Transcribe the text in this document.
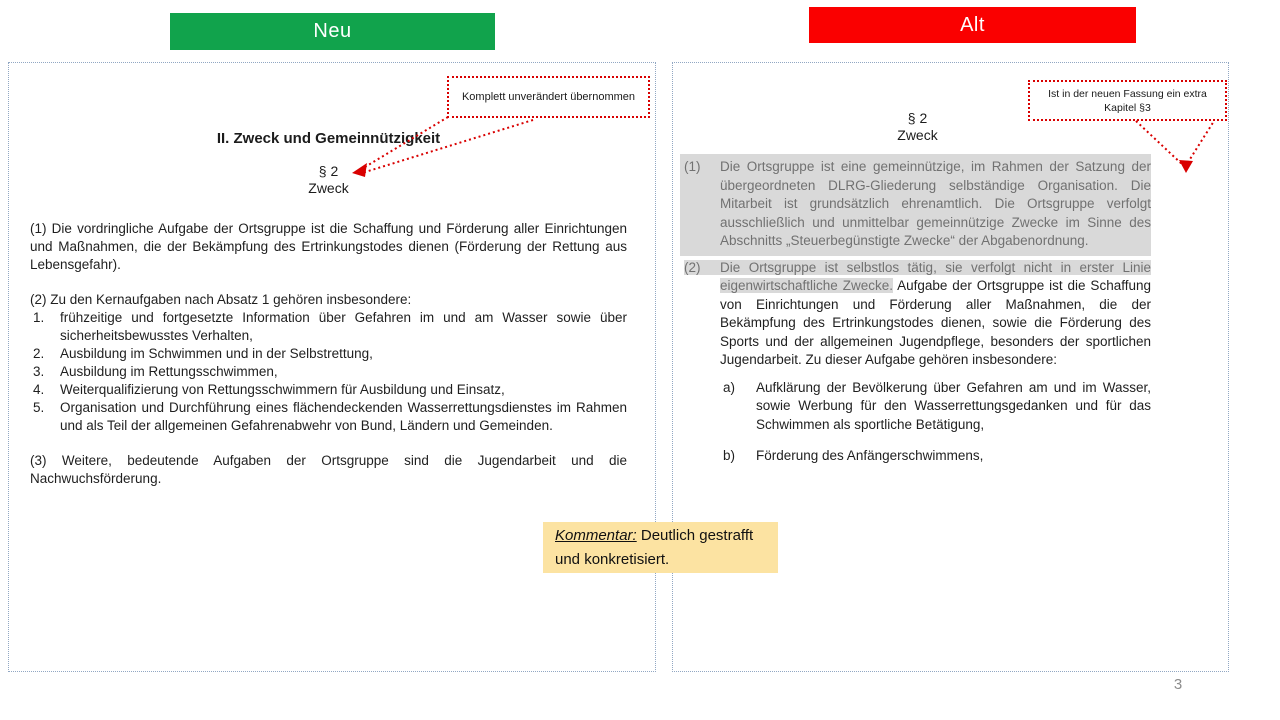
Neu	Alt
II. Zweck und Gemeinnützigkeit
§ 2
Zweck

(1) Die vordringliche Aufgabe der Ortsgruppe ist die Schaffung und Förderung aller Einrichtungen und Maßnahmen, die der Bekämpfung des Ertrinkungstodes dienen (Förderung der Rettung aus Lebensgefahr).

(2) Zu den Kernaufgaben nach Absatz 1 gehören insbesondere:

1. frühzeitige und fortgesetzte Information über Gefahren im und am Wasser sowie über sicherheitsbewusstes Verhalten,
2. Ausbildung im Schwimmen und in der Selbstrettung,
3. Ausbildung im Rettungsschwimmen,
4. Weiterqualifizierung von Rettungsschwimmern für Ausbildung und Einsatz,
5. Organisation und Durchführung eines flächendeckenden Wasserrettungsdienstes im Rahmen und als Teil der allgemeinen Gefahrenabwehr von Bund, Ländern und Gemeinden.

(3) Weitere, bedeutende Aufgaben der Ortsgruppe sind die Jugendarbeit und die Nachwuchsförderung.

§ 2
Zweck
(1) Die Ortsgruppe ist eine gemeinnützige, im Rahmen der Satzung der übergeordneten DLRG-Gliederung selbständige Organisation. Die Mitarbeit ist grundsätzlich ehrenamtlich. Die Ortsgruppe verfolgt ausschließlich und unmittelbar gemeinnützige Zwecke im Sinne des Abschnitts „Steuerbegünstigte Zwecke“ der Abgabenordnung.
(2) Die Ortsgruppe ist selbstlos tätig, sie verfolgt nicht in erster Linie eigenwirtschaftliche Zwecke. Aufgabe der Ortsgruppe ist die Schaffung von Einrichtungen und Förderung aller Maßnahmen, die der Bekämpfung des Ertrinkungstodes dienen, sowie die Förderung des Sports und der allgemeinen Jugendpflege, besonders der sportlichen Jugendarbeit. Zu dieser Aufgabe gehören insbesondere:
a) Aufklärung der Bevölkerung über Gefahren am und im Wasser, sowie Werbung für den Wasserrettungsgedanken und für das Schwimmen als sportliche Betätigung,
b) Förderung des Anfängerschwimmens,
Komplett unverändert übernommen	Ist in der neuen Fassung ein extra Kapitel §3
Kommentar: Deutlich gestrafft und konkretisiert.
3
